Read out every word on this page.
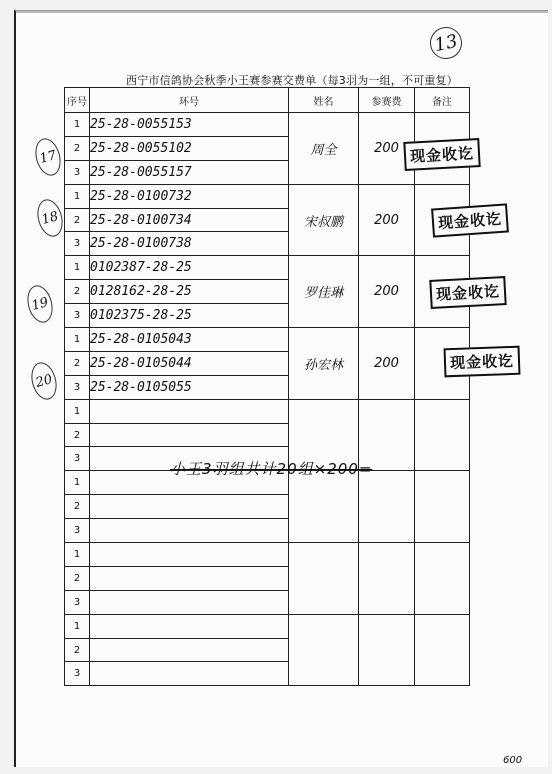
13
西宁市信鸽协会秋季小王赛参赛交费单（每3羽为一组，不可重复）
序号	环号	姓名	参赛费	备注
1	25-28-0055153	周全	200	
2	25-28-0055102			
3	25-28-0055157			
1	25-28-0100732	宋叔鹏	200	
2	25-28-0100734			
3	25-28-0100738			
1	0102387-28-25	罗佳琳	200	
2	0128162-28-25			
3	0102375-28-25			
1	25-28-0105043	孙宏林	200	
2	25-28-0105044			
3	25-28-0105055			
1				
2				
3				
1				
2				
3				
1				
2				
3				
1				
2				
3				
现金收讫
17
现金收讫
18
现金收讫
19
现金收讫
20
小王3羽组共计20组×200=
600
